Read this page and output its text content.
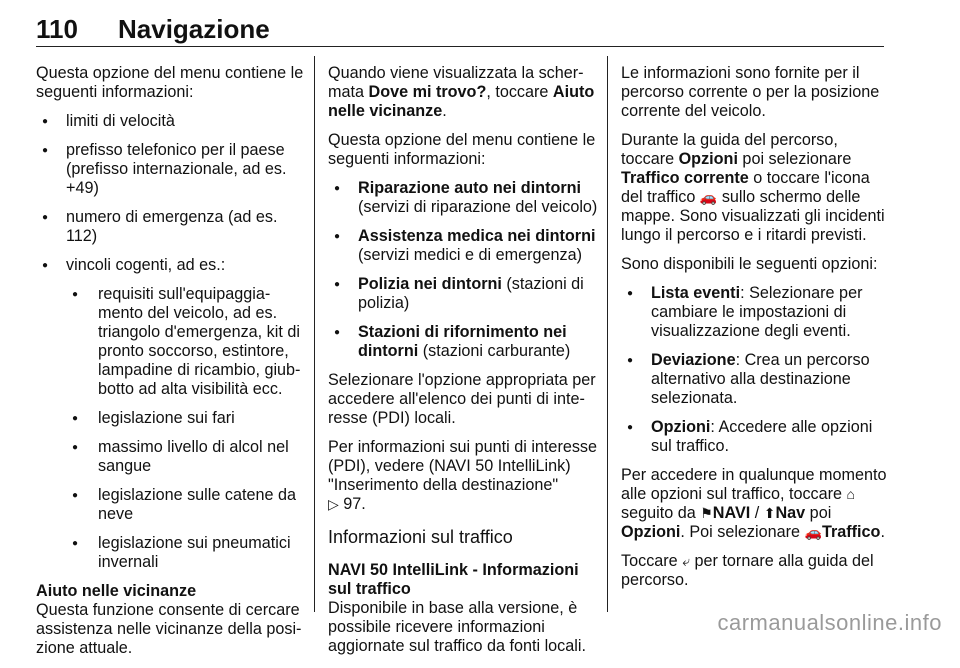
110 Navigazione

Questa opzione del menu contiene le seguenti informazioni:

● limiti di velocità
● prefisso telefonico per il paese (prefisso internazionale, ad es. +49)
● numero di emergenza (ad es. 112)
● vincoli cogenti, ad es.:
● requisiti sull'equipaggia-mento del veicolo, ad es. triangolo d'emergenza, kit di pronto soccorso, estintore, lampadine di ricambio, giub-botto ad alta visibilità ecc.
● legislazione sui fari
● massimo livello di alcol nel sangue
● legislazione sulle catene da neve
● legislazione sui pneumatici invernali

Aiuto nelle vicinanze

Questa funzione consente di cercare assistenza nelle vicinanze della posi-zione attuale.

Quando viene visualizzata la scher-mata Dove mi trovo?, toccare Aiuto nelle vicinanze.

Questa opzione del menu contiene le seguenti informazioni:

● Riparazione auto nei dintorni (servizi di riparazione del veicolo)
● Assistenza medica nei dintorni (servizi medici e di emergenza)
● Polizia nei dintorni (stazioni di polizia)
● Stazioni di rifornimento nei dintorni (stazioni carburante)

Selezionare l'opzione appropriata per accedere all'elenco dei punti di inte-resse (PDI) locali.

Per informazioni sui punti di interesse (PDI), vedere (NAVI 50 IntelliLink) "Inserimento della destinazione"
▷ 97.

Informazioni sul traffico

NAVI 50 IntelliLink - Informazioni sul traffico

Disponibile in base alla versione, è possibile ricevere informazioni aggiornate sul traffico da fonti locali.

Le informazioni sono fornite per il percorso corrente o per la posizione corrente del veicolo.

Durante la guida del percorso, toccare Opzioni poi selezionare Traffico corrente o toccare l'icona del traffico 🚗 sullo schermo delle mappe. Sono visualizzati gli incidenti lungo il percorso e i ritardi previsti.

Sono disponibili le seguenti opzioni:

● Lista eventi: Selezionare per cambiare le impostazioni di visualizzazione degli eventi.
● Deviazione: Crea un percorso alternativo alla destinazione selezionata.
● Opzioni: Accedere alle opzioni sul traffico.

Per accedere in qualunque momento alle opzioni sul traffico, toccare ⌂ seguito da ⚑NAVI / ⬆Nav poi Opzioni. Poi selezionare 🚗Traffico.

Toccare ⤶ per tornare alla guida del percorso.

carmanualsonline.info
